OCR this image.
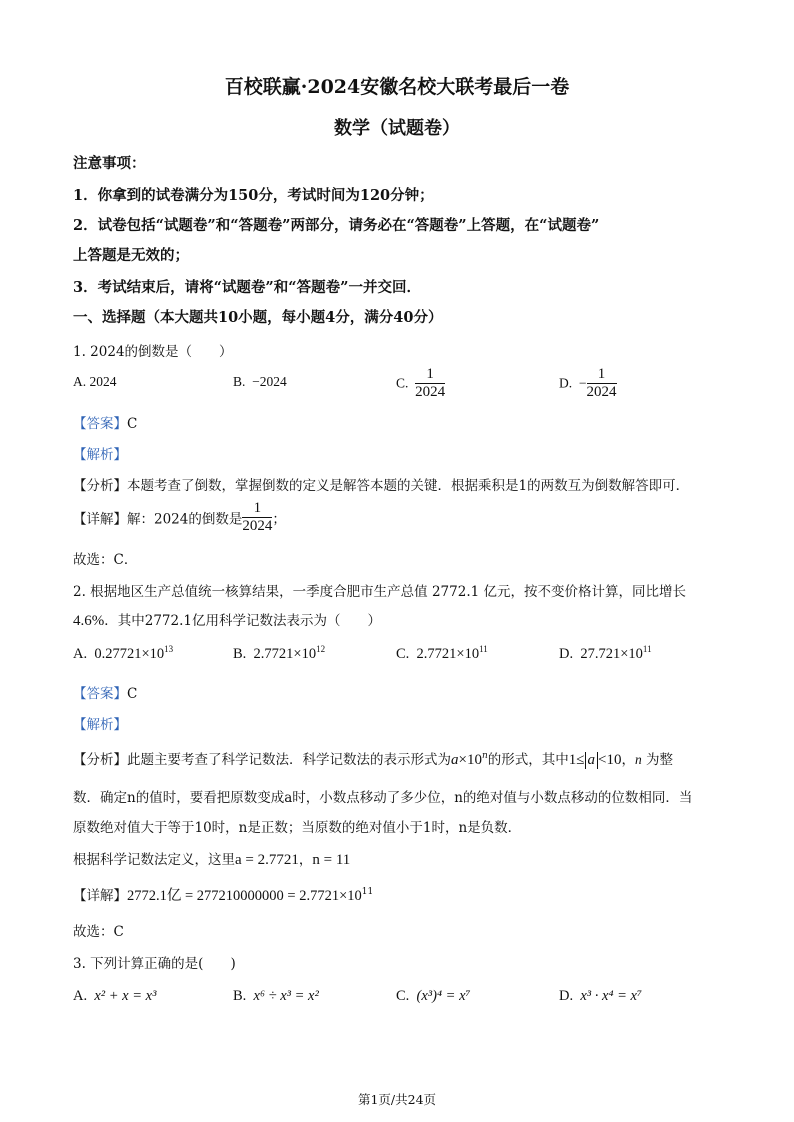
百校联赢·2024安徽名校大联考最后一卷
数学（试题卷）
注意事项：
1．你拿到的试卷满分为150分，考试时间为120分钟；
2．试卷包括“试题卷”和“答题卷”两部分，请务必在“答题卷”上答题，在“试题卷”
上答题是无效的；
3．考试结束后，请将“试题卷”和“答题卷”一并交回．
一、选择题（本大题共10小题，每小题4分，满分40分）
1. 2024的倒数是（　　）
A. 2024	B. −2024	C. $\frac{1}{2024}$	D. − $\frac{1}{2024}$
【答案】C
【解析】
【分析】本题考查了倒数，掌握倒数的定义是解答本题的关键．根据乘积是1的两数互为倒数解答即可．
【详解】解：2024的倒数是 $\frac{1}{2024}$ ；
故选：C．
2. 根据地区生产总值统一核算结果，一季度合肥市生产总值 2772.1 亿元，按不变价格计算，同比增长
4.6%．其中2772.1亿用科学记数法表示为（　　）
A. $0.27721\times 10^{13}$	B. $2.7721\times 10^{12}$	C. $2.7721\times 10^{11}$	D. $27.721\times 10^{11}$
【答案】C
【解析】
【分析】此题主要考查了科学记数法．科学记数法的表示形式为$a\times 10^n$的形式，其中1≤ a <10，n 为整
数．确定n的值时，要看把原数变成a时，小数点移动了多少位，n的绝对值与小数点移动的位数相同．当
原数绝对值大于等于10时，n是正数；当原数的绝对值小于1时，n是负数．
根据科学记数法定义，这里a = 2.7721，n = 11
【详解】2772.1亿 = $277210000000 = 2.7721\times 10^{11}$
故选：C
3. 下列计算正确的是(　　)
A. x² + x = x³	B. x⁶ ÷ x³ = x²	C. (x³)⁴ = x⁷	D. x³ · x⁴ = x⁷
第1页/共24页
